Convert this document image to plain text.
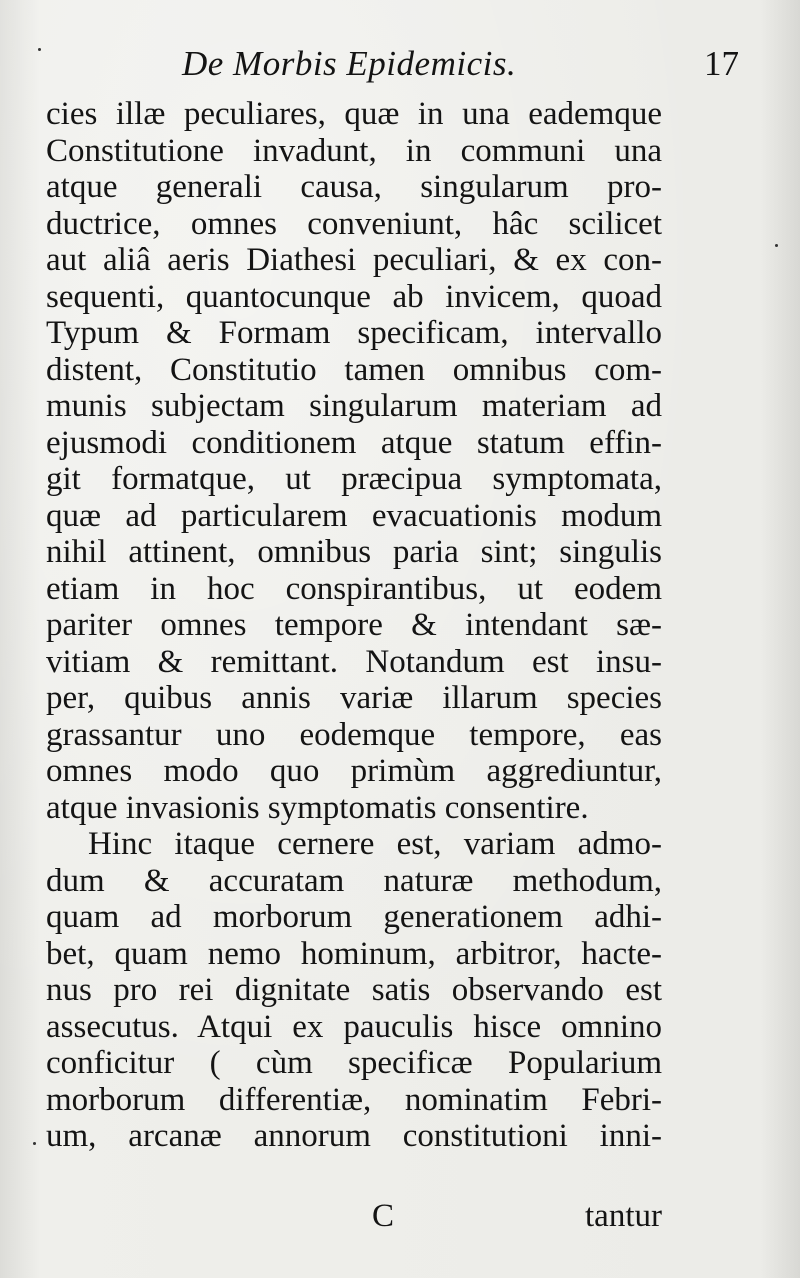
De Morbis Epidemicis.	17
cies illæ peculiares, quæ in una eademque
Constitutione invadunt, in communi una
atque generali causa, singularum pro-
ductrice, omnes conveniunt, hâc scilicet
aut aliâ aeris Diathesi peculiari, & ex con-
sequenti, quantocunque ab invicem, quoad
Typum & Formam specificam, intervallo
distent, Constitutio tamen omnibus com-
munis subjectam singularum materiam ad
ejusmodi conditionem atque statum effin-
git formatque, ut præcipua symptomata,
quæ ad particularem evacuationis modum
nihil attinent, omnibus paria sint; singulis
etiam in hoc conspirantibus, ut eodem
pariter omnes tempore & intendant sæ-
vitiam & remittant. Notandum est insu-
per, quibus annis variæ illarum species
grassantur uno eodemque tempore, eas
omnes modo quo primùm aggrediuntur,
atque invasionis symptomatis consentire.
Hinc itaque cernere est, variam admo-
dum & accuratam naturæ methodum,
quam ad morborum generationem adhi-
bet, quam nemo hominum, arbitror, hacte-
nus pro rei dignitate satis observando est
assecutus. Atqui ex pauculis hisce omnino
conficitur ( cùm specificæ Popularium
morborum differentiæ, nominatim Febri-
um, arcanæ annorum constitutioni inni-
C	tantur
